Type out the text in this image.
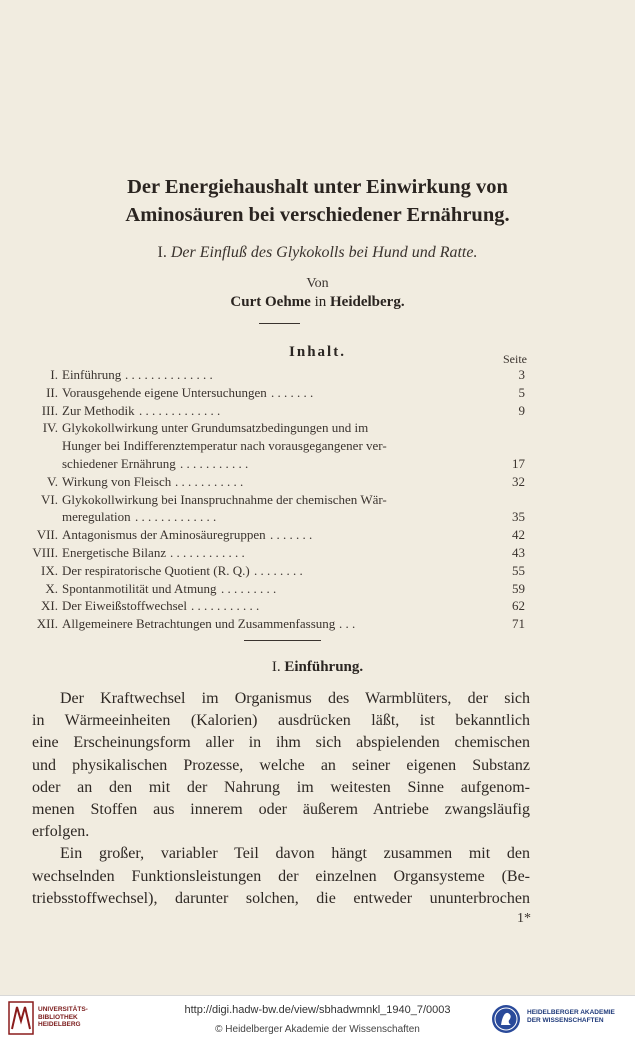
Der Energiehaushalt unter Einwirkung von
Aminosäuren bei verschiedener Ernährung.
I. Der Einfluß des Glykokolls bei Hund und Ratte.
Von
Curt Oehme in Heidelberg.
Inhalt.	Seite
I. Einführung . . . . . . . . . . . . . .	3
II. Vorausgehende eigene Untersuchungen . . . . . . .	5
III. Zur Methodik . . . . . . . . . . . . .	9
IV. Glykokollwirkung unter Grundumsatzbedingungen und im
Hunger bei Indifferenztemperatur nach vorausgegangener ver-
schiedener Ernährung . . . . . . . . . . .	17
V. Wirkung von Fleisch . . . . . . . . . . .	32
VI. Glykokollwirkung bei Inanspruchnahme der chemischen Wär-
meregulation . . . . . . . . . . . . .	35
VII. Antagonismus der Aminosäuregruppen . . . . . . .	42
VIII. Energetische Bilanz . . . . . . . . . . . .	43
IX. Der respiratorische Quotient (R. Q.) . . . . . . . .	55
X. Spontanmotilität und Atmung . . . . . . . . .	59
XI. Der Eiweißstoffwechsel . . . . . . . . . . .	62
XII. Allgemeinere Betrachtungen und Zusammenfassung . . .	71
I. Einführung.
Der Kraftwechsel im Organismus des Warmblüters, der sich
in Wärmeeinheiten (Kalorien) ausdrücken läßt, ist bekanntlich
eine Erscheinungsform aller in ihm sich abspielenden chemischen
und physikalischen Prozesse, welche an seiner eigenen Substanz
oder an den mit der Nahrung im weitesten Sinne aufgenom-
menen Stoffen aus innerem oder äußerem Antriebe zwangsläufig
erfolgen.
Ein großer, variabler Teil davon hängt zusammen mit den
wechselnden Funktionsleistungen der einzelnen Organsysteme (Be-
triebsstoffwechsel), darunter solchen, die entweder ununterbrochen
1*
UNIVERSITÄTS-
BIBLIOTHEK
HEIDELBERG
http://digi.hadw-bw.de/view/sbhadwmnkl_1940_7/0003
© Heidelberger Akademie der Wissenschaften
HEIDELBERGER AKADEMIE
DER WISSENSCHAFTEN
